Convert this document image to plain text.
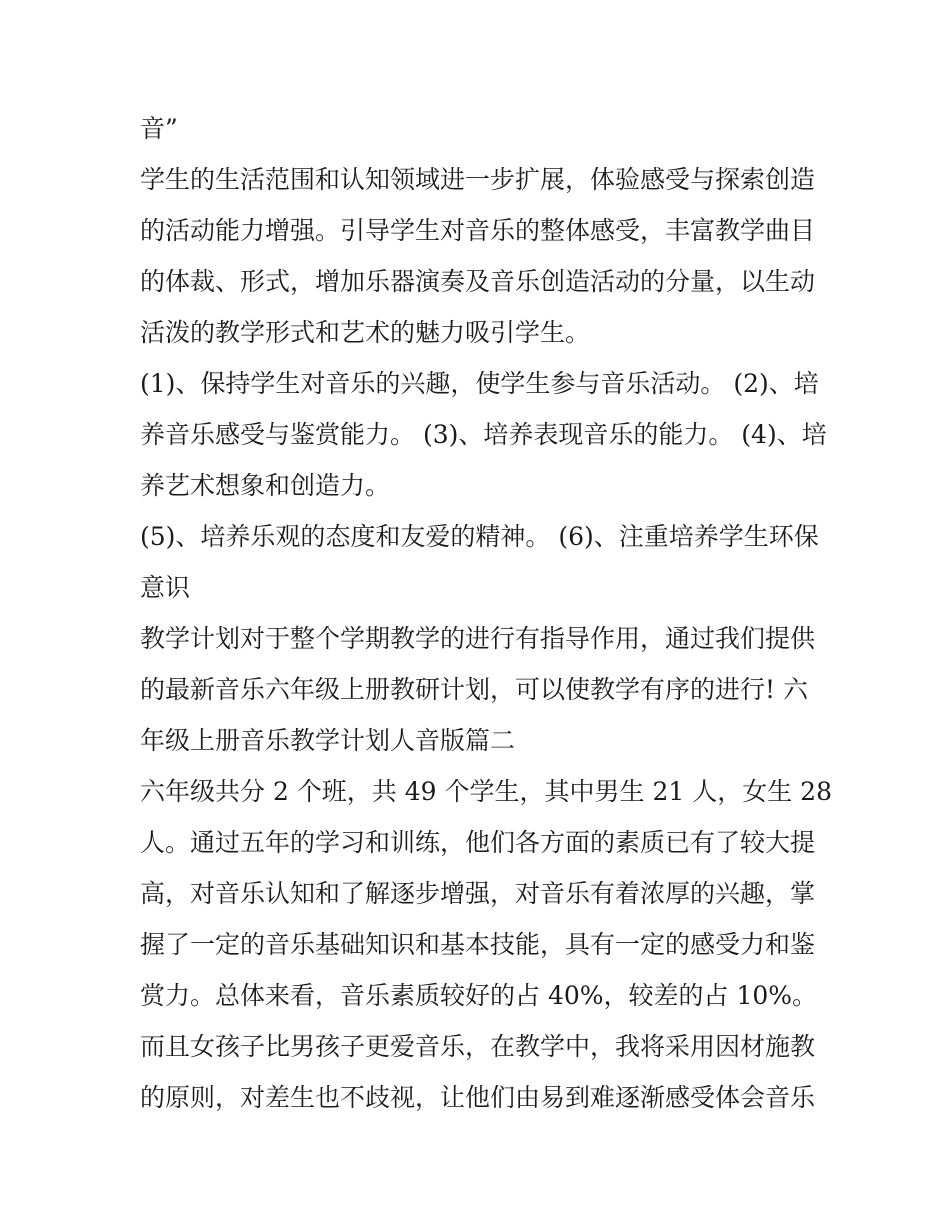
音”
学生的生活范围和认知领域进一步扩展，体验感受与探索创造
的活动能力增强。引导学生对音乐的整体感受，丰富教学曲目
的体裁、形式，增加乐器演奏及音乐创造活动的分量，以生动
活泼的教学形式和艺术的魅力吸引学生。
(1)、保持学生对音乐的兴趣，使学生参与音乐活动。 (2)、培
养音乐感受与鉴赏能力。 (3)、培养表现音乐的能力。 (4)、培
养艺术想象和创造力。
(5)、培养乐观的态度和友爱的精神。 (6)、注重培养学生环保
意识
教学计划对于整个学期教学的进行有指导作用，通过我们提供
的最新音乐六年级上册教研计划，可以使教学有序的进行! 六
年级上册音乐教学计划人音版篇二
六年级共分 2 个班，共 49 个学生，其中男生 21 人，女生 28
人。通过五年的学习和训练，他们各方面的素质已有了较大提
高，对音乐认知和了解逐步增强，对音乐有着浓厚的兴趣，掌
握了一定的音乐基础知识和基本技能，具有一定的感受力和鉴
赏力。总体来看，音乐素质较好的占 40%，较差的占 10%。
而且女孩子比男孩子更爱音乐，在教学中，我将采用因材施教
的原则，对差生也不歧视，让他们由易到难逐渐感受体会音乐
